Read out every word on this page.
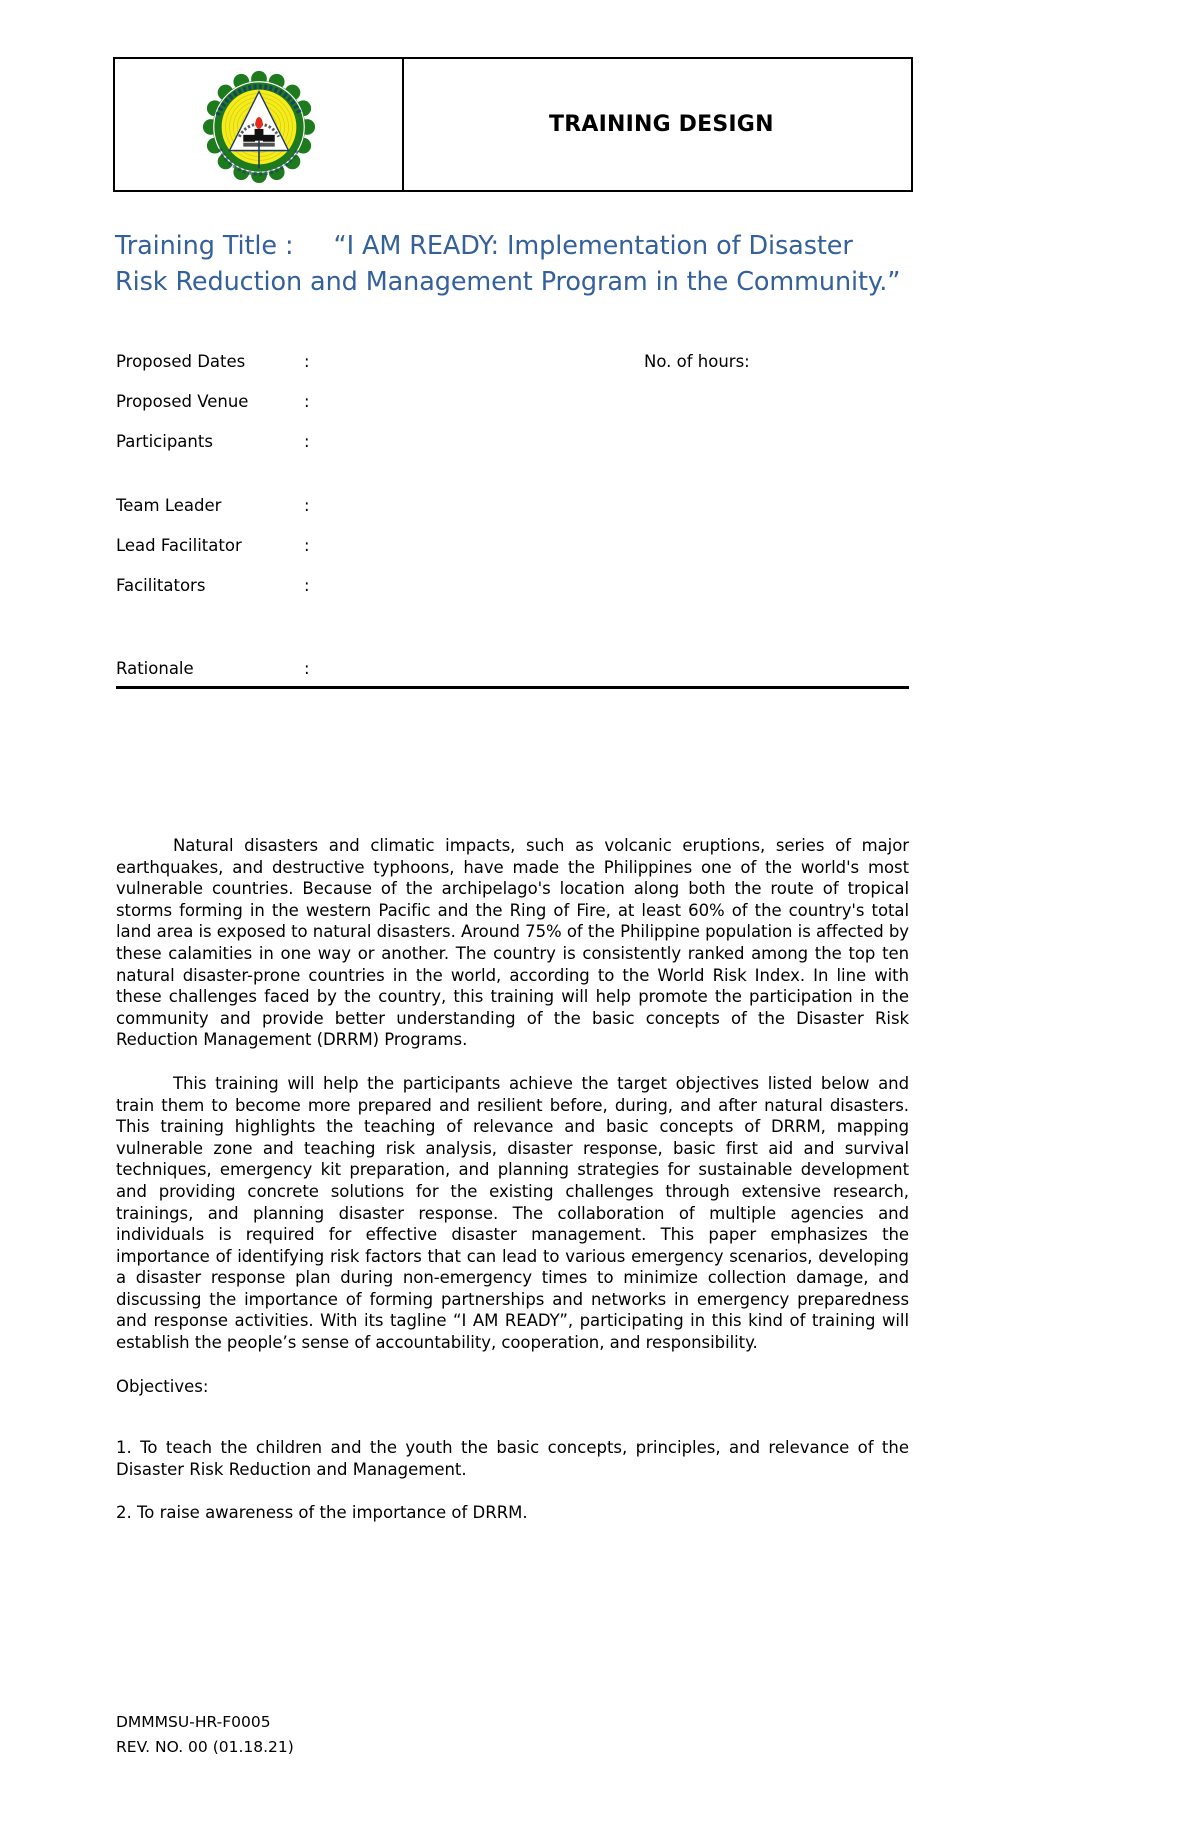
TRAINING DESIGN
Training Title : “I AM READY: Implementation of Disaster Risk Reduction and Management Program in the Community.”
Proposed Dates	:	No. of hours:
Proposed Venue	:
Participants	:
Team Leader	:
Lead Facilitator	:
Facilitators	:
Rationale	:

Natural disasters and climatic impacts, such as volcanic eruptions, series of major earthquakes, and destructive typhoons, have made the Philippines one of the world's most vulnerable countries. Because of the archipelago's location along both the route of tropical storms forming in the western Pacific and the Ring of Fire, at least 60% of the country's total land area is exposed to natural disasters. Around 75% of the Philippine population is affected by these calamities in one way or another. The country is consistently ranked among the top ten natural disaster-prone countries in the world, according to the World Risk Index. In line with these challenges faced by the country, this training will help promote the participation in the community and provide better understanding of the basic concepts of the Disaster Risk Reduction Management (DRRM) Programs.

This training will help the participants achieve the target objectives listed below and train them to become more prepared and resilient before, during, and after natural disasters. This training highlights the teaching of relevance and basic concepts of DRRM, mapping vulnerable zone and teaching risk analysis, disaster response, basic first aid and survival techniques, emergency kit preparation, and planning strategies for sustainable development and providing concrete solutions for the existing challenges through extensive research, trainings, and planning disaster response. The collaboration of multiple agencies and individuals is required for effective disaster management. This paper emphasizes the importance of identifying risk factors that can lead to various emergency scenarios, developing a disaster response plan during non-emergency times to minimize collection damage, and discussing the importance of forming partnerships and networks in emergency preparedness and response activities. With its tagline “I AM READY”, participating in this kind of training will establish the people’s sense of accountability, cooperation, and responsibility.

Objectives:

1. To teach the children and the youth the basic concepts, principles, and relevance of the Disaster Risk Reduction and Management.

2. To raise awareness of the importance of DRRM.

DMMMSU-HR-F0005
REV. NO. 00 (01.18.21)
